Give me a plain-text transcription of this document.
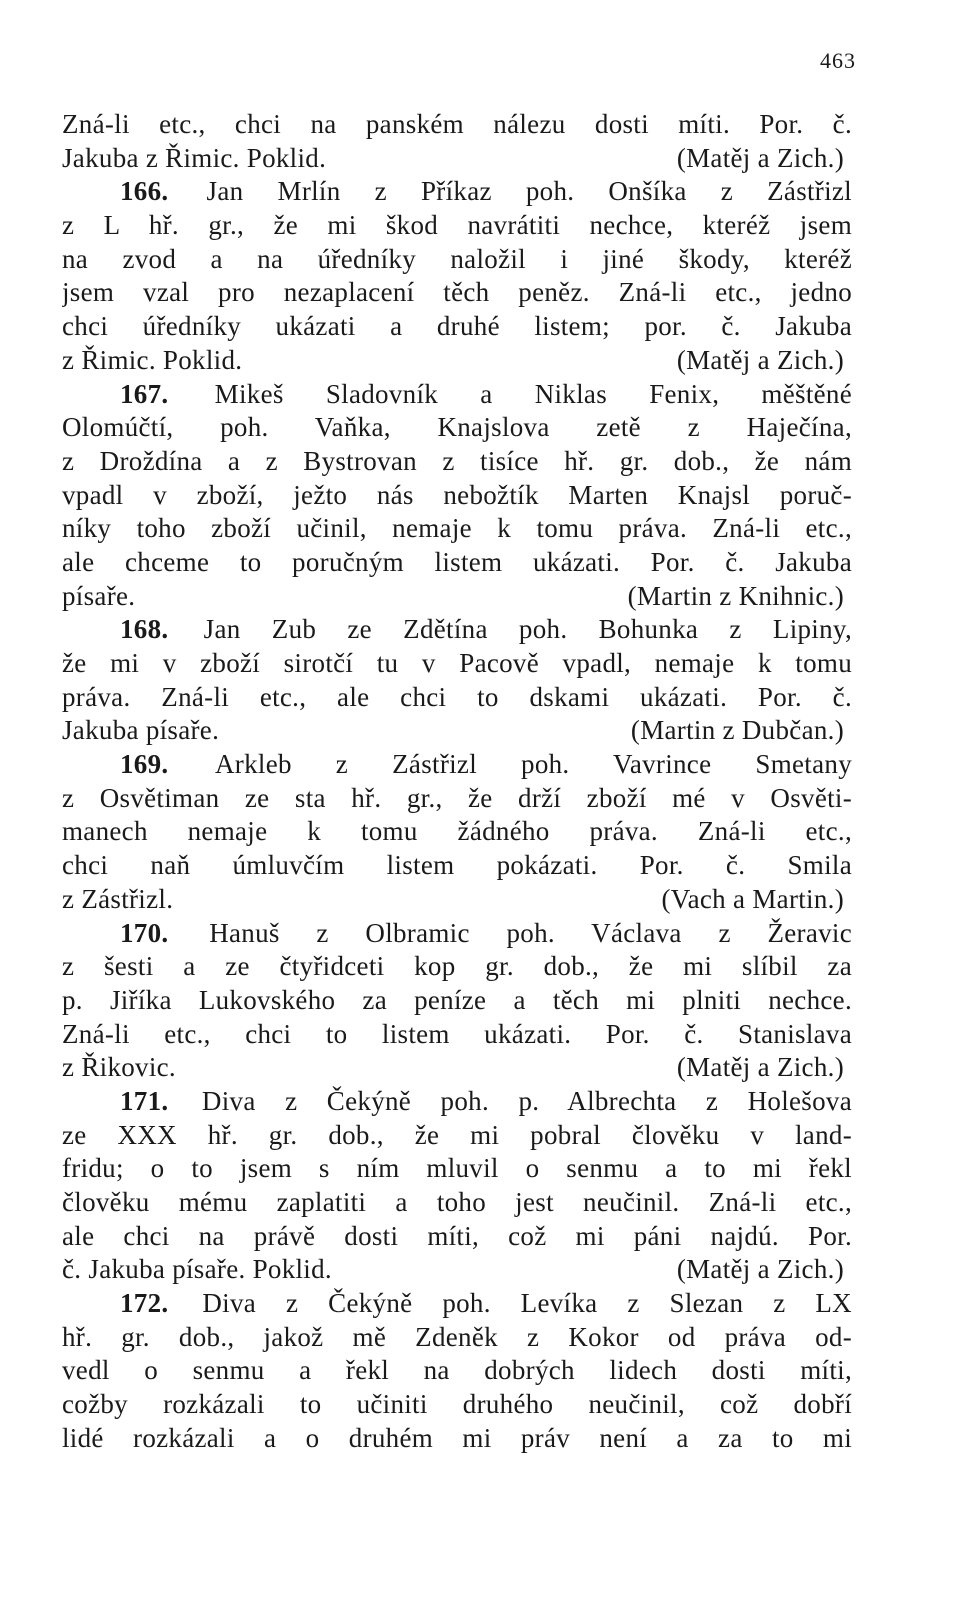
463
Zná-li etc., chci na panském nálezu dosti míti. Por. č.
Jakuba z Řimic. Poklid.	(Matěj a Zich.)
166. Jan Mrlín z Příkaz poh. Onšíka z Zástřizl
z L hř. gr., že mi škod navrátiti nechce, kteréž jsem
na zvod a na úředníky naložil i jiné škody, kteréž
jsem vzal pro nezaplacení těch peněz. Zná-li etc., jedno
chci úředníky ukázati a druhé listem; por. č. Jakuba
z Řimic. Poklid.	(Matěj a Zich.)
167. Mikeš Sladovník a Niklas Fenix, měštěné
Olomúčtí, poh. Vaňka, Knajslova zetě z Haječína,
z Droždína a z Bystrovan z tisíce hř. gr. dob., že nám
vpadl v zboží, ježto nás nebožtík Marten Knajsl poruč-
níky toho zboží učinil, nemaje k tomu práva. Zná-li etc.,
ale chceme to poručným listem ukázati. Por. č. Jakuba
písaře.	(Martin z Knihnic.)
168. Jan Zub ze Zdětína poh. Bohunka z Lipiny,
že mi v zboží sirotčí tu v Pacově vpadl, nemaje k tomu
práva. Zná-li etc., ale chci to dskami ukázati. Por. č.
Jakuba písaře.	(Martin z Dubčan.)
169. Arkleb z Zástřizl poh. Vavrince Smetany
z Osvětiman ze sta hř. gr., že drží zboží mé v Osvěti-
manech nemaje k tomu žádného práva. Zná-li etc.,
chci naň úmluvčím listem pokázati. Por. č. Smila
z Zástřizl.	(Vach a Martin.)
170. Hanuš z Olbramic poh. Václava z Žeravic
z šesti a ze čtyřidceti kop gr. dob., že mi slíbil za
p. Jiříka Lukovského za peníze a těch mi plniti nechce.
Zná-li etc., chci to listem ukázati. Por. č. Stanislava
z Řikovic.	(Matěj a Zich.)
171. Diva z Čekýně poh. p. Albrechta z Holešova
ze XXX hř. gr. dob., že mi pobral člověku v land-
fridu; o to jsem s ním mluvil o senmu a to mi řekl
člověku mému zaplatiti a toho jest neučinil. Zná-li etc.,
ale chci na právě dosti míti, což mi páni najdú. Por.
č. Jakuba písaře. Poklid.	(Matěj a Zich.)
172. Diva z Čekýně poh. Levíka z Slezan z LX
hř. gr. dob., jakož mě Zdeněk z Kokor od práva od-
vedl o senmu a řekl na dobrých lidech dosti míti,
cožby rozkázali to učiniti druhého neučinil, což dobří
lidé rozkázali a o druhém mi práv není a za to mi
